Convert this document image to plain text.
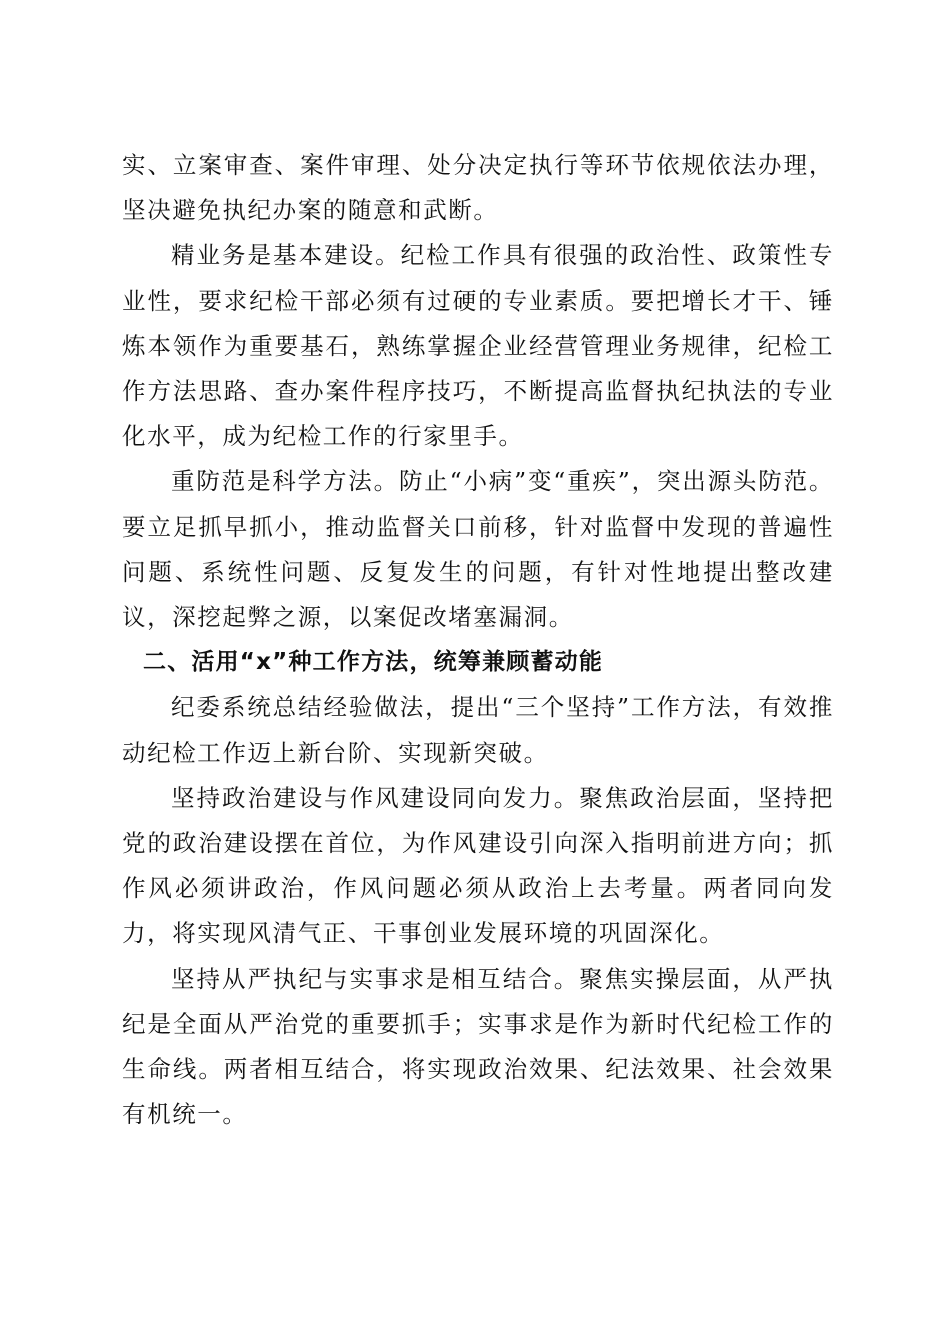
实、立案审查、案件审理、处分决定执行等环节依规依法办理，坚决避免执纪办案的随意和武断。

精业务是基本建设。纪检工作具有很强的政治性、政策性专业性，要求纪检干部必须有过硬的专业素质。要把增长才干、锤炼本领作为重要基石，熟练掌握企业经营管理业务规律，纪检工作方法思路、查办案件程序技巧，不断提高监督执纪执法的专业化水平，成为纪检工作的行家里手。

重防范是科学方法。防止“小病”变“重疾”，突出源头防范。要立足抓早抓小，推动监督关口前移，针对监督中发现的普遍性问题、系统性问题、反复发生的问题，有针对性地提出整改建议，深挖起弊之源，以案促改堵塞漏洞。

二、活用“x”种工作方法，统筹兼顾蓄动能

纪委系统总结经验做法，提出“三个坚持”工作方法，有效推动纪检工作迈上新台阶、实现新突破。

坚持政治建设与作风建设同向发力。聚焦政治层面，坚持把党的政治建设摆在首位，为作风建设引向深入指明前进方向；抓作风必须讲政治，作风问题必须从政治上去考量。两者同向发力，将实现风清气正、干事创业发展环境的巩固深化。

坚持从严执纪与实事求是相互结合。聚焦实操层面，从严执纪是全面从严治党的重要抓手；实事求是作为新时代纪检工作的生命线。两者相互结合，将实现政治效果、纪法效果、社会效果有机统一。
